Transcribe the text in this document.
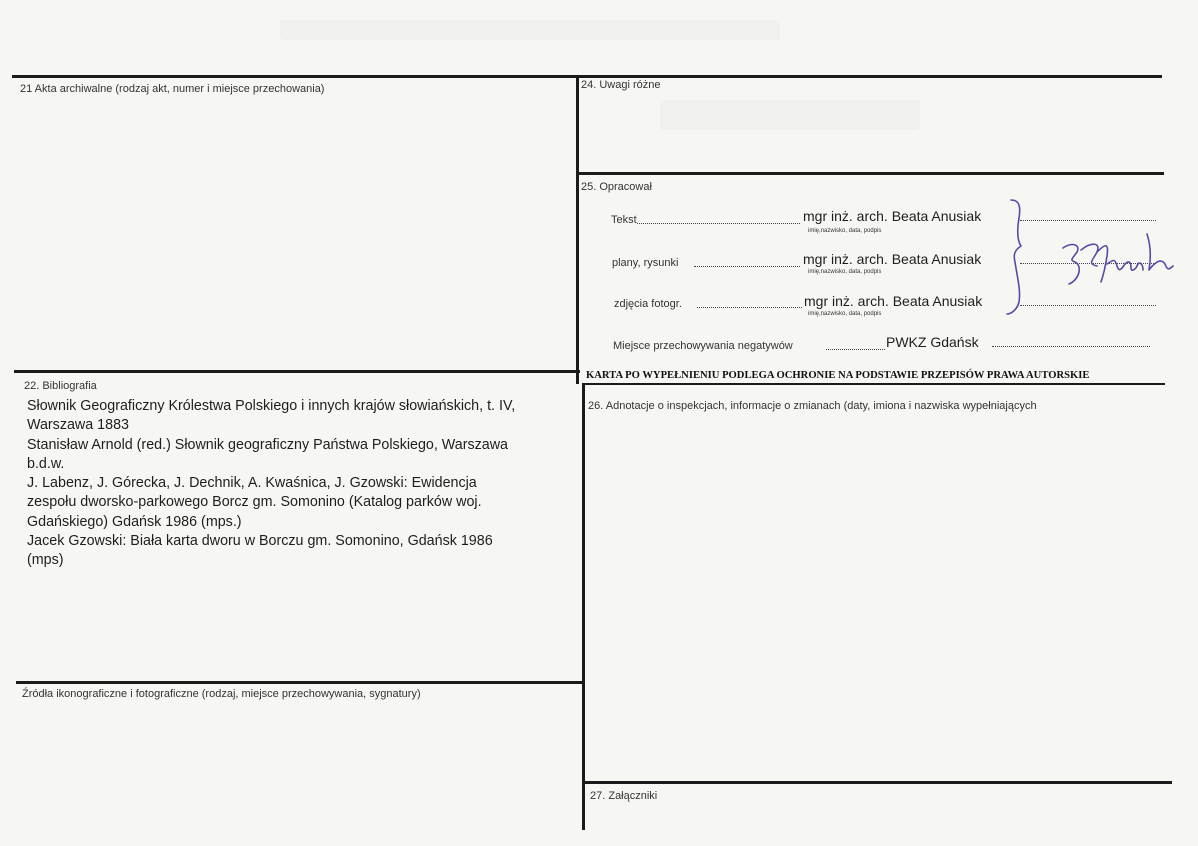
21 Akta archiwalne (rodzaj akt, numer i miejsce przechowania)	24. Uwagi różne
25. Opracował
22. Bibliografia
26. Adnotacje o inspekcjach, informacje o zmianach (daty, imiona i nazwiska wypełniających
Źródła ikonograficzne i fotograficzne (rodzaj, miejsce przechowywania, sygnatury)
27. Załączniki
Słownik Geograficzny Królestwa Polskiego i innych krajów słowiańskich, t. IV,
Warszawa 1883
Stanisław Arnold (red.) Słownik geograficzny Państwa Polskiego, Warszawa
b.d.w.
J. Labenz, J. Górecka, J. Dechnik, A. Kwaśnica, J. Gzowski: Ewidencja
zespołu dworsko-parkowego Borcz gm. Somonino (Katalog parków woj.
Gdańskiego) Gdańsk 1986 (mps.)
Jacek Gzowski: Biała karta dworu w Borczu gm. Somonino, Gdańsk 1986
(mps)
Tekst	mgr inż. arch. Beata Anusiak
imię,nazwisko, data, podpis
plany, rysunki	mgr inż. arch. Beata Anusiak
imię,nazwisko, data, podpis
zdjęcia fotogr.	mgr inż. arch. Beata Anusiak
imię,nazwisko, data, podpis
Miejsce przechowywania negatywów	PWKZ Gdańsk
KARTA PO WYPEŁNIENIU PODLEGA OCHRONIE NA PODSTAWIE PRZEPISÓW PRAWA AUTORSKIE
